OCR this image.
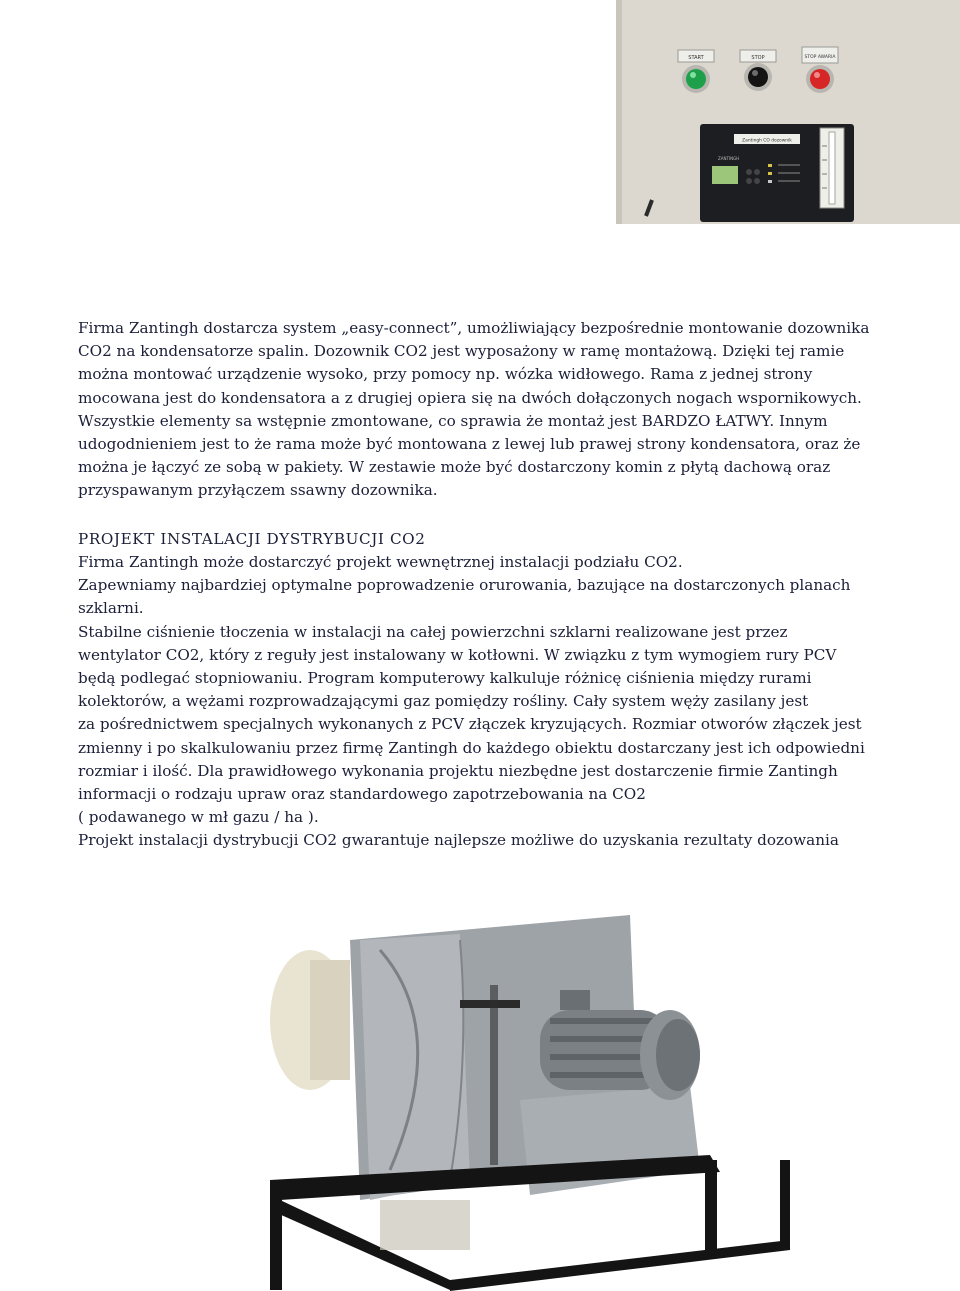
START	STOP	STOP AWARIA
Zantingh CO dozownik
ZANTINGH

Firma Zantingh dostarcza system „easy-connect”, umożliwiający bezpośrednie montowanie dozownika

CO2 na kondensatorze spalin. Dozownik CO2 jest wyposażony w ramę montażową. Dzięki tej ramie

można montować urządzenie wysoko, przy pomocy np. wózka widłowego. Rama z jednej strony

mocowana jest do kondensatora a z drugiej opiera się na dwóch dołączonych nogach wspornikowych.

Wszystkie elementy sa wstępnie zmontowane, co sprawia że montaż jest BARDZO ŁATWY. Innym

udogodnieniem jest to że rama może być montowana z lewej lub prawej strony kondensatora, oraz że

można je łączyć ze sobą w pakiety. W zestawie może być dostarczony komin z płytą dachową oraz

przyspawanym przyłączem ssawny dozownika.

PROJEKT INSTALACJI DYSTRYBUCJI CO2

Firma Zantingh może dostarczyć projekt wewnętrznej instalacji podziału CO2.

Zapewniamy najbardziej optymalne poprowadzenie orurowania, bazujące na dostarczonych planach

szklarni.

Stabilne ciśnienie tłoczenia w instalacji na całej powierzchni szklarni realizowane jest przez

wentylator CO2, który z reguły jest instalowany w kotłowni. W związku z tym wymogiem rury PCV

będą podlegać stopniowaniu. Program komputerowy kalkuluje różnicę ciśnienia między rurami

kolektorów, a wężami rozprowadzającymi gaz pomiędzy rośliny. Cały system węży zasilany jest

za pośrednictwem specjalnych wykonanych z PCV złączek kryzujących. Rozmiar otworów złączek jest

zmienny i po skalkulowaniu przez firmę Zantingh do każdego obiektu dostarczany jest ich odpowiedni

rozmiar i ilość. Dla prawidłowego wykonania projektu niezbędne jest dostarczenie firmie Zantingh

informacji o rodzaju upraw oraz standardowego zapotrzebowania na CO2

( podawanego w mł gazu / ha ).

Projekt instalacji dystrybucji CO2 gwarantuje najlepsze możliwe do uzyskania rezultaty dozowania
